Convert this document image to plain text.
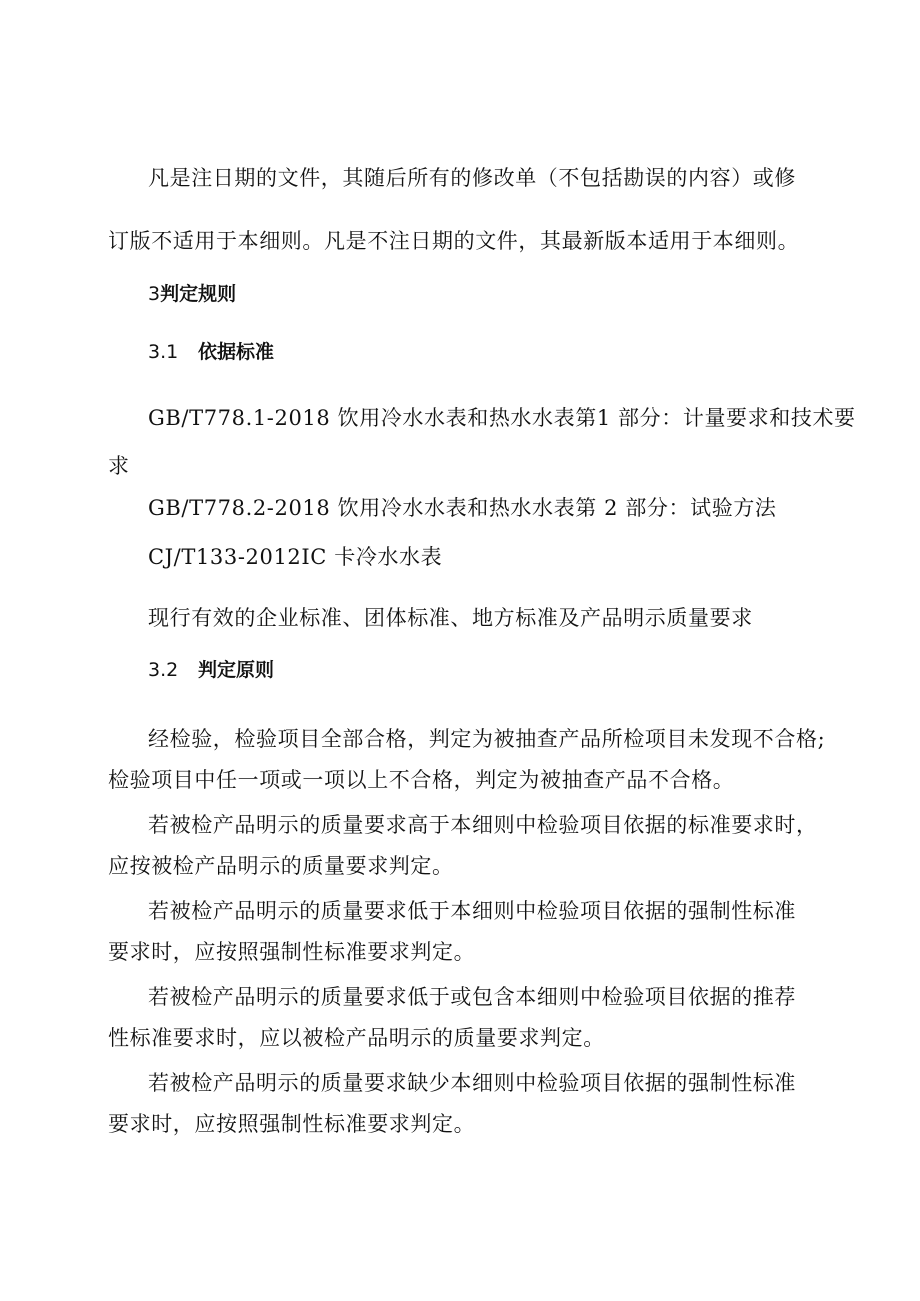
凡是注日期的文件，其随后所有的修改单（不包括勘误的内容）或修

订版不适用于本细则。凡是不注日期的文件，其最新版本适用于本细则。

3判定规则
3.1 依据标准

GB/T778.1-2018 饮用冷水水表和热水水表第1 部分：计量要求和技术要

求

GB/T778.2-2018 饮用冷水水表和热水水表第 2 部分：试验方法

CJ/T133-2012IC 卡冷水水表

现行有效的企业标准、团体标准、地方标准及产品明示质量要求

3.2 判定原则

经检验，检验项目全部合格，判定为被抽查产品所检项目未发现不合格;

检验项目中任一项或一项以上不合格，判定为被抽查产品不合格。

若被检产品明示的质量要求高于本细则中检验项目依据的标准要求时，

应按被检产品明示的质量要求判定。

若被检产品明示的质量要求低于本细则中检验项目依据的强制性标准

要求时，应按照强制性标准要求判定。

若被检产品明示的质量要求低于或包含本细则中检验项目依据的推荐

性标准要求时，应以被检产品明示的质量要求判定。

若被检产品明示的质量要求缺少本细则中检验项目依据的强制性标准

要求时，应按照强制性标准要求判定。
